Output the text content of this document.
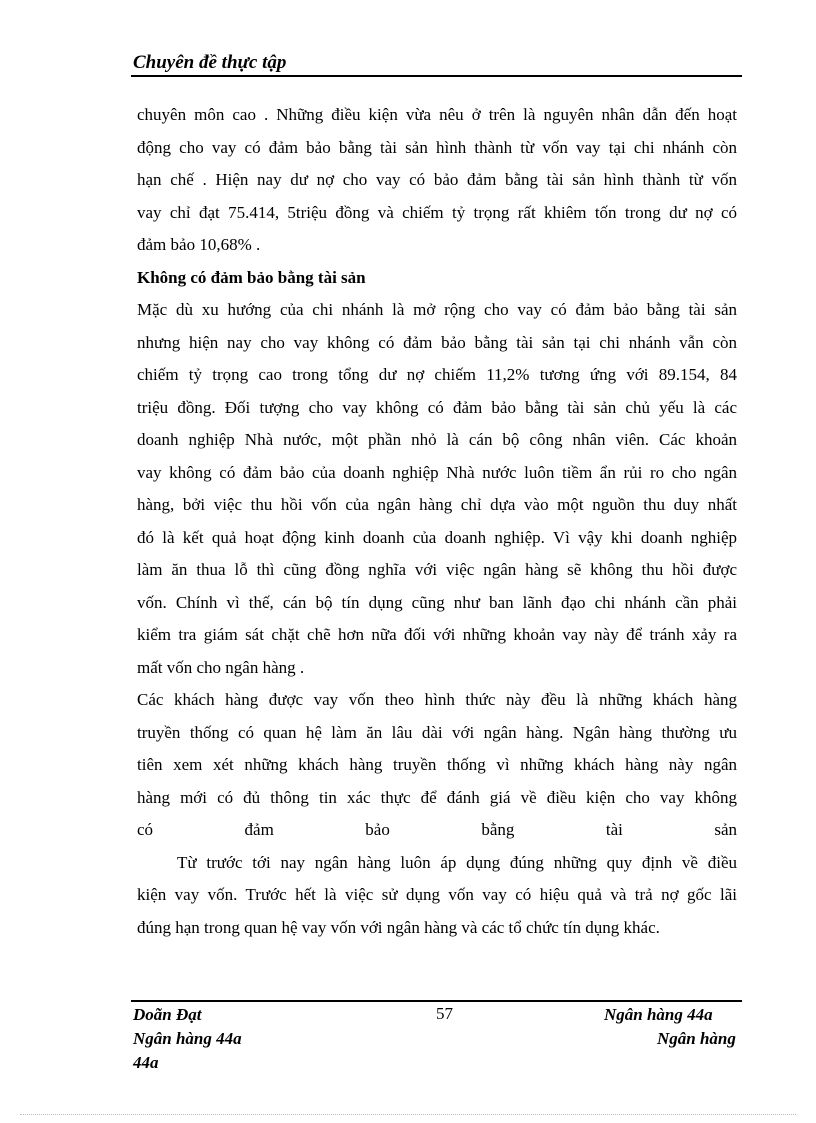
Chuyên đề thực tập
chuyên môn cao . Những điều kiện vừa nêu ở trên là nguyên nhân dẫn đến hoạt
động cho vay có đảm bảo bằng tài sản hình thành từ vốn vay tại chi nhánh còn
hạn chế . Hiện nay dư nợ cho vay có bảo đảm bằng tài sản hình thành từ vốn
vay chỉ đạt 75.414, 5triệu đồng và chiếm tỷ trọng rất khiêm tốn trong dư nợ có
đảm bảo 10,68% .
Không có đảm bảo bằng tài sản
Mặc dù xu hướng của chi nhánh là mở rộng cho vay có đảm bảo bằng tài sản
nhưng hiện nay cho vay không có đảm bảo bằng tài sản tại chi nhánh vẫn còn
chiếm tỷ trọng cao trong tổng dư nợ chiếm 11,2% tương ứng với 89.154, 84
triệu đồng. Đối tượng cho vay không có đảm bảo bằng tài sản chủ yếu là các
doanh nghiệp Nhà nước, một phần nhỏ là cán bộ công nhân viên. Các khoản
vay không có đảm bảo của doanh nghiệp Nhà nước luôn tiềm ẩn rủi ro cho ngân
hàng, bởi việc thu hồi vốn của ngân hàng chỉ dựa vào một nguồn thu duy nhất
đó là kết quả hoạt động kinh doanh của doanh nghiệp. Vì vậy khi doanh nghiệp
làm ăn thua lỗ thì cũng đồng nghĩa với việc ngân hàng sẽ không thu hồi được
vốn. Chính vì thế, cán bộ tín dụng cũng như ban lãnh đạo chi nhánh cần phải
kiểm tra giám sát chặt chẽ hơn nữa đối với những khoản vay này để tránh xảy ra
mất vốn cho ngân hàng .
Các khách hàng được vay vốn theo hình thức này đều là những khách hàng
truyền thống có quan hệ làm ăn lâu dài với ngân hàng. Ngân hàng thường ưu
tiên xem xét những khách hàng truyền thống vì những khách hàng này ngân
hàng mới có đủ thông tin xác thực để đánh giá về điều kiện cho vay không
có đảm bảo bằng tài sản
Từ trước tới nay ngân hàng luôn áp dụng đúng những quy định về điều
kiện vay vốn. Trước hết là việc sử dụng vốn vay có hiệu quả và trả nợ gốc lãi
đúng hạn trong quan hệ vay vốn với ngân hàng và các tổ chức tín dụng khác.
Doãn Đạt	57	Ngân hàng 44a
Ngân hàng 44a	Ngân hàng
44a
